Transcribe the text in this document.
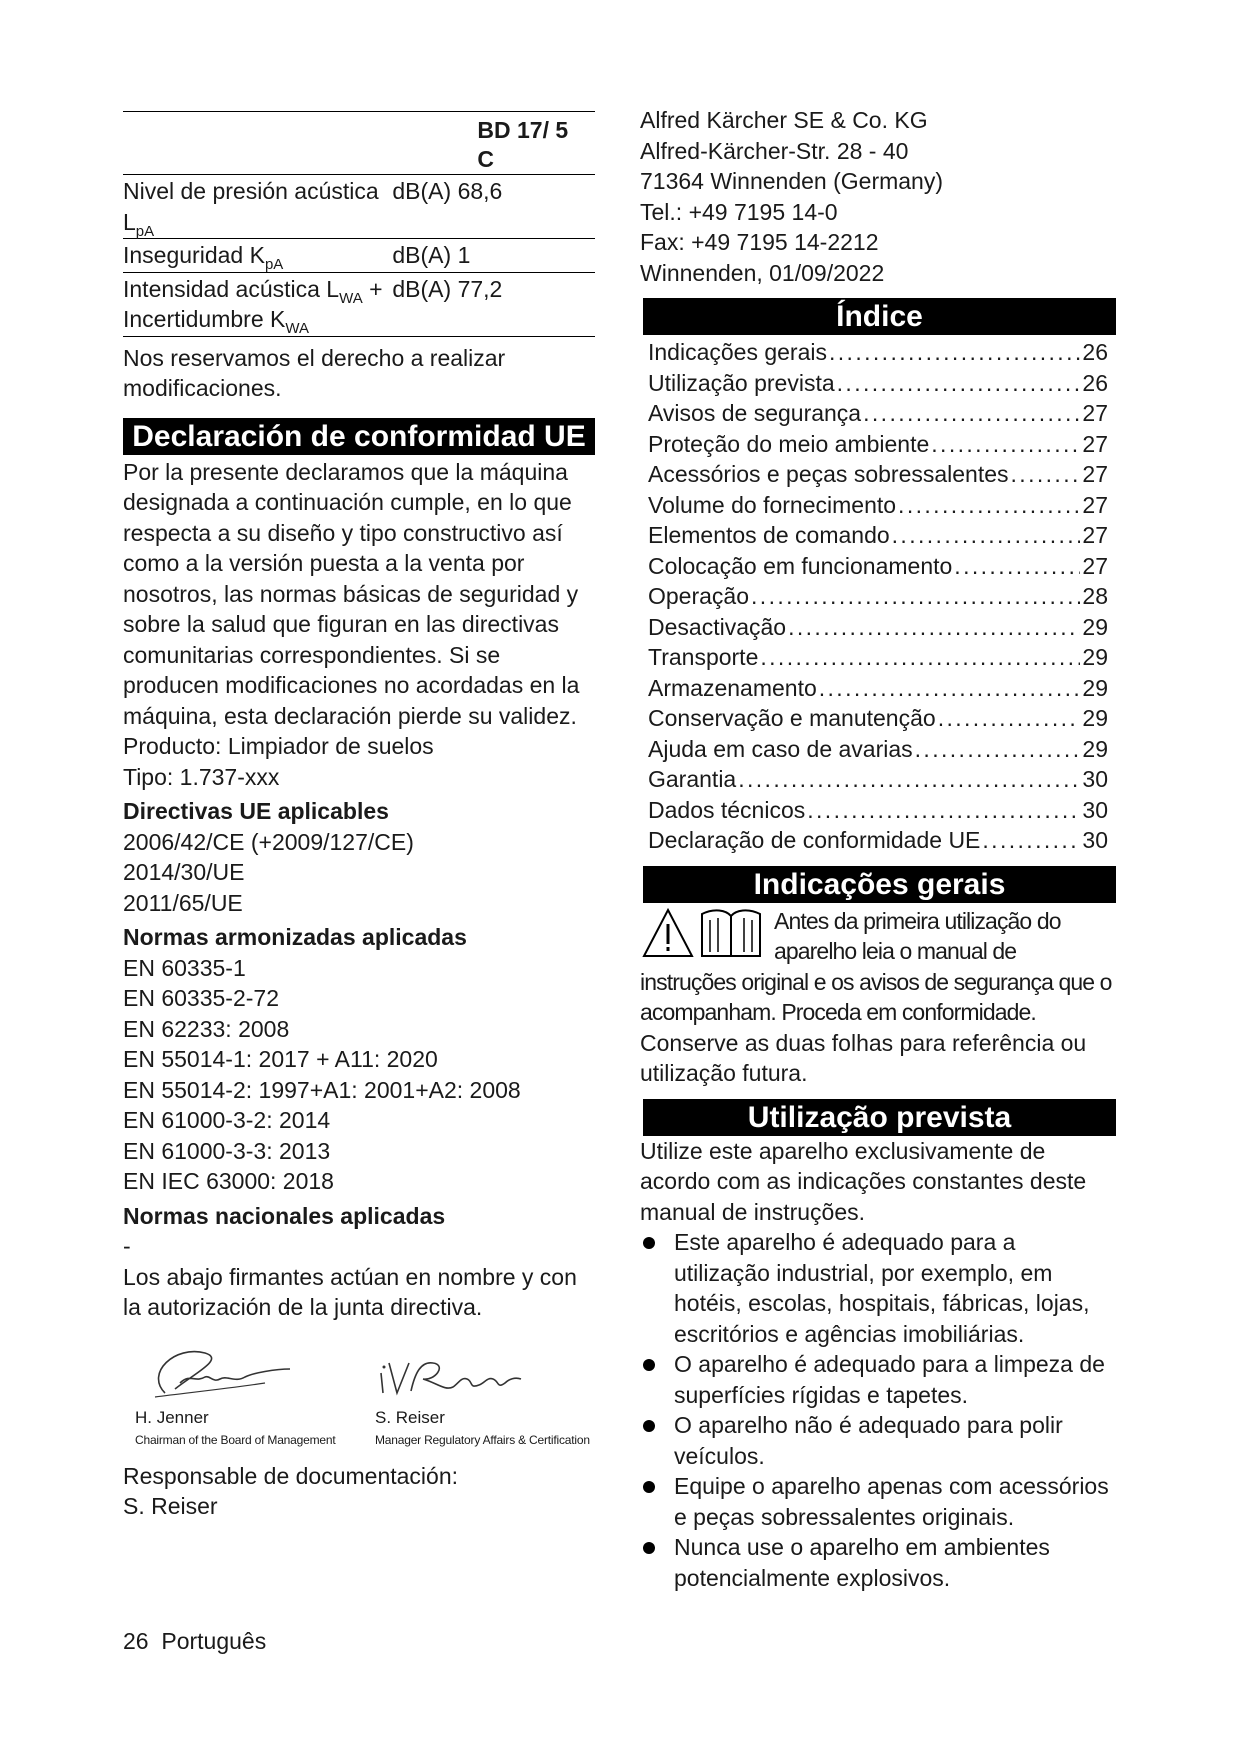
	BD 17/ 5 C
Nivel de presión acústica $L_{pA}$	dB(A) 68,6
Inseguridad $K_{pA}$	dB(A) 1
Intensidad acústica $L_{WA}$ + Incertidumbre $K_{WA}$	dB(A) 77,2

Nos reservamos el derecho a realizar modificaciones.

Declaración de conformidad UE

Por la presente declaramos que la máquina designada a continuación cumple, en lo que respecta a su diseño y tipo constructivo así como a la versión puesta a la venta por nosotros, las normas básicas de seguridad y sobre la salud que figuran en las directivas comunitarias correspondientes. Si se producen modificaciones no acordadas en la máquina, esta declaración pierde su validez.

Producto: Limpiador de suelos

Tipo: 1.737-xxx

Directivas UE aplicables

2006/42/CE (+2009/127/CE)

2014/30/UE

2011/65/UE

Normas armonizadas aplicadas

EN 60335-1

EN 60335-2-72

EN 62233: 2008

EN 55014-1: 2017 + A11: 2020

EN 55014-2: 1997+A1: 2001+A2: 2008

EN 61000-3-2: 2014

EN 61000-3-3: 2013

EN IEC 63000: 2018

Normas nacionales aplicadas

-

Los abajo firmantes actúan en nombre y con la autorización de la junta directiva.

H. Jenner
Chairman of the Board of Management
S. Reiser
Manager Regulatory Affairs & Certification

Responsable de documentación:

S. Reiser

Alfred Kärcher SE & Co. KG

Alfred-Kärcher-Str. 28 - 40

71364 Winnenden (Germany)

Tel.: +49 7195 14-0

Fax: +49 7195 14-2212

Winnenden, 01/09/2022

Índice
Indicações gerais . . .	26
Utilização prevista . . .	26
Avisos de segurança . . .	27
Proteção do meio ambiente . . .	27
Acessórios e peças sobressalentes . . .	27
Volume do fornecimento . . .	27
Elementos de comando . . .	27
Colocação em funcionamento . . .	27
Operação . . .	28
Desactivação . . .	29
Transporte . . .	29
Armazenamento . . .	29
Conservação e manutenção . . .	29
Ajuda em caso de avarias . . .	29
Garantia . . .	30
Dados técnicos . . .	30
Declaração de conformidade UE . . .	30
Indicações gerais

Antes da primeira utilização do aparelho leia o manual de instruções original e os avisos de segurança que o acompanham. Proceda em conformidade.

Conserve as duas folhas para referência ou utilização futura.

Utilização prevista

Utilize este aparelho exclusivamente de acordo com as indicações constantes deste manual de instruções.

Este aparelho é adequado para a utilização industrial, por exemplo, em hotéis, escolas, hospitais, fábricas, lojas, escritórios e agências imobiliárias.
O aparelho é adequado para a limpeza de superfícies rígidas e tapetes.
O aparelho não é adequado para polir veículos.
Equipe o aparelho apenas com acessórios e peças sobressalentes originais.
Nunca use o aparelho em ambientes potencialmente explosivos.
26 Português
